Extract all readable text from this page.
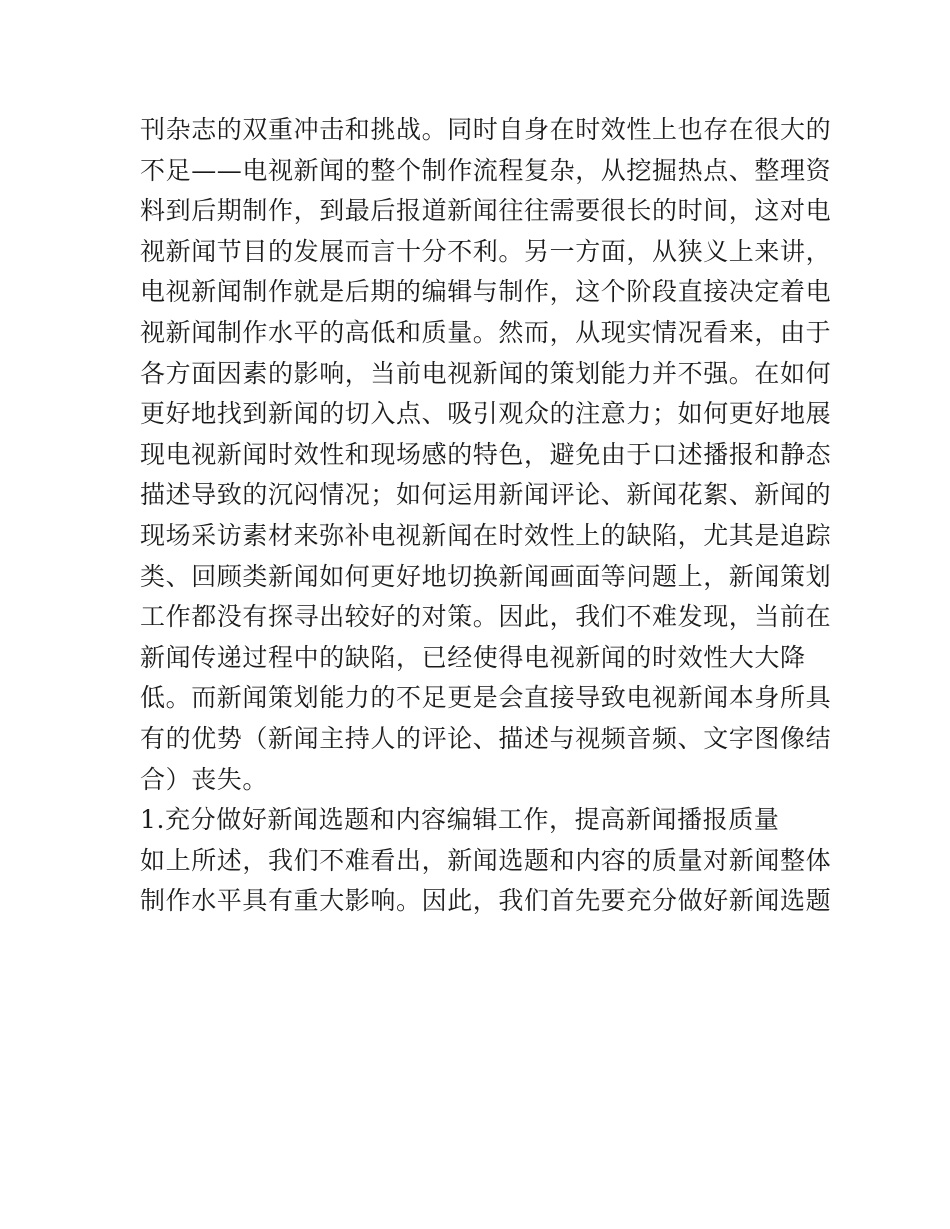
刊杂志的双重冲击和挑战。同时自身在时效性上也存在很大的
不足——电视新闻的整个制作流程复杂，从挖掘热点、整理资
料到后期制作，到最后报道新闻往往需要很长的时间，这对电
视新闻节目的发展而言十分不利。另一方面，从狭义上来讲，
电视新闻制作就是后期的编辑与制作，这个阶段直接决定着电
视新闻制作水平的高低和质量。然而，从现实情况看来，由于
各方面因素的影响，当前电视新闻的策划能力并不强。在如何
更好地找到新闻的切入点、吸引观众的注意力；如何更好地展
现电视新闻时效性和现场感的特色，避免由于口述播报和静态
描述导致的沉闷情况；如何运用新闻评论、新闻花絮、新闻的
现场采访素材来弥补电视新闻在时效性上的缺陷，尤其是追踪
类、回顾类新闻如何更好地切换新闻画面等问题上，新闻策划
工作都没有探寻出较好的对策。因此，我们不难发现，当前在
新闻传递过程中的缺陷，已经使得电视新闻的时效性大大降
低。而新闻策划能力的不足更是会直接导致电视新闻本身所具
有的优势（新闻主持人的评论、描述与视频音频、文字图像结
合）丧失。
1.充分做好新闻选题和内容编辑工作，提高新闻播报质量
如上所述，我们不难看出，新闻选题和内容的质量对新闻整体
制作水平具有重大影响。因此，我们首先要充分做好新闻选题
